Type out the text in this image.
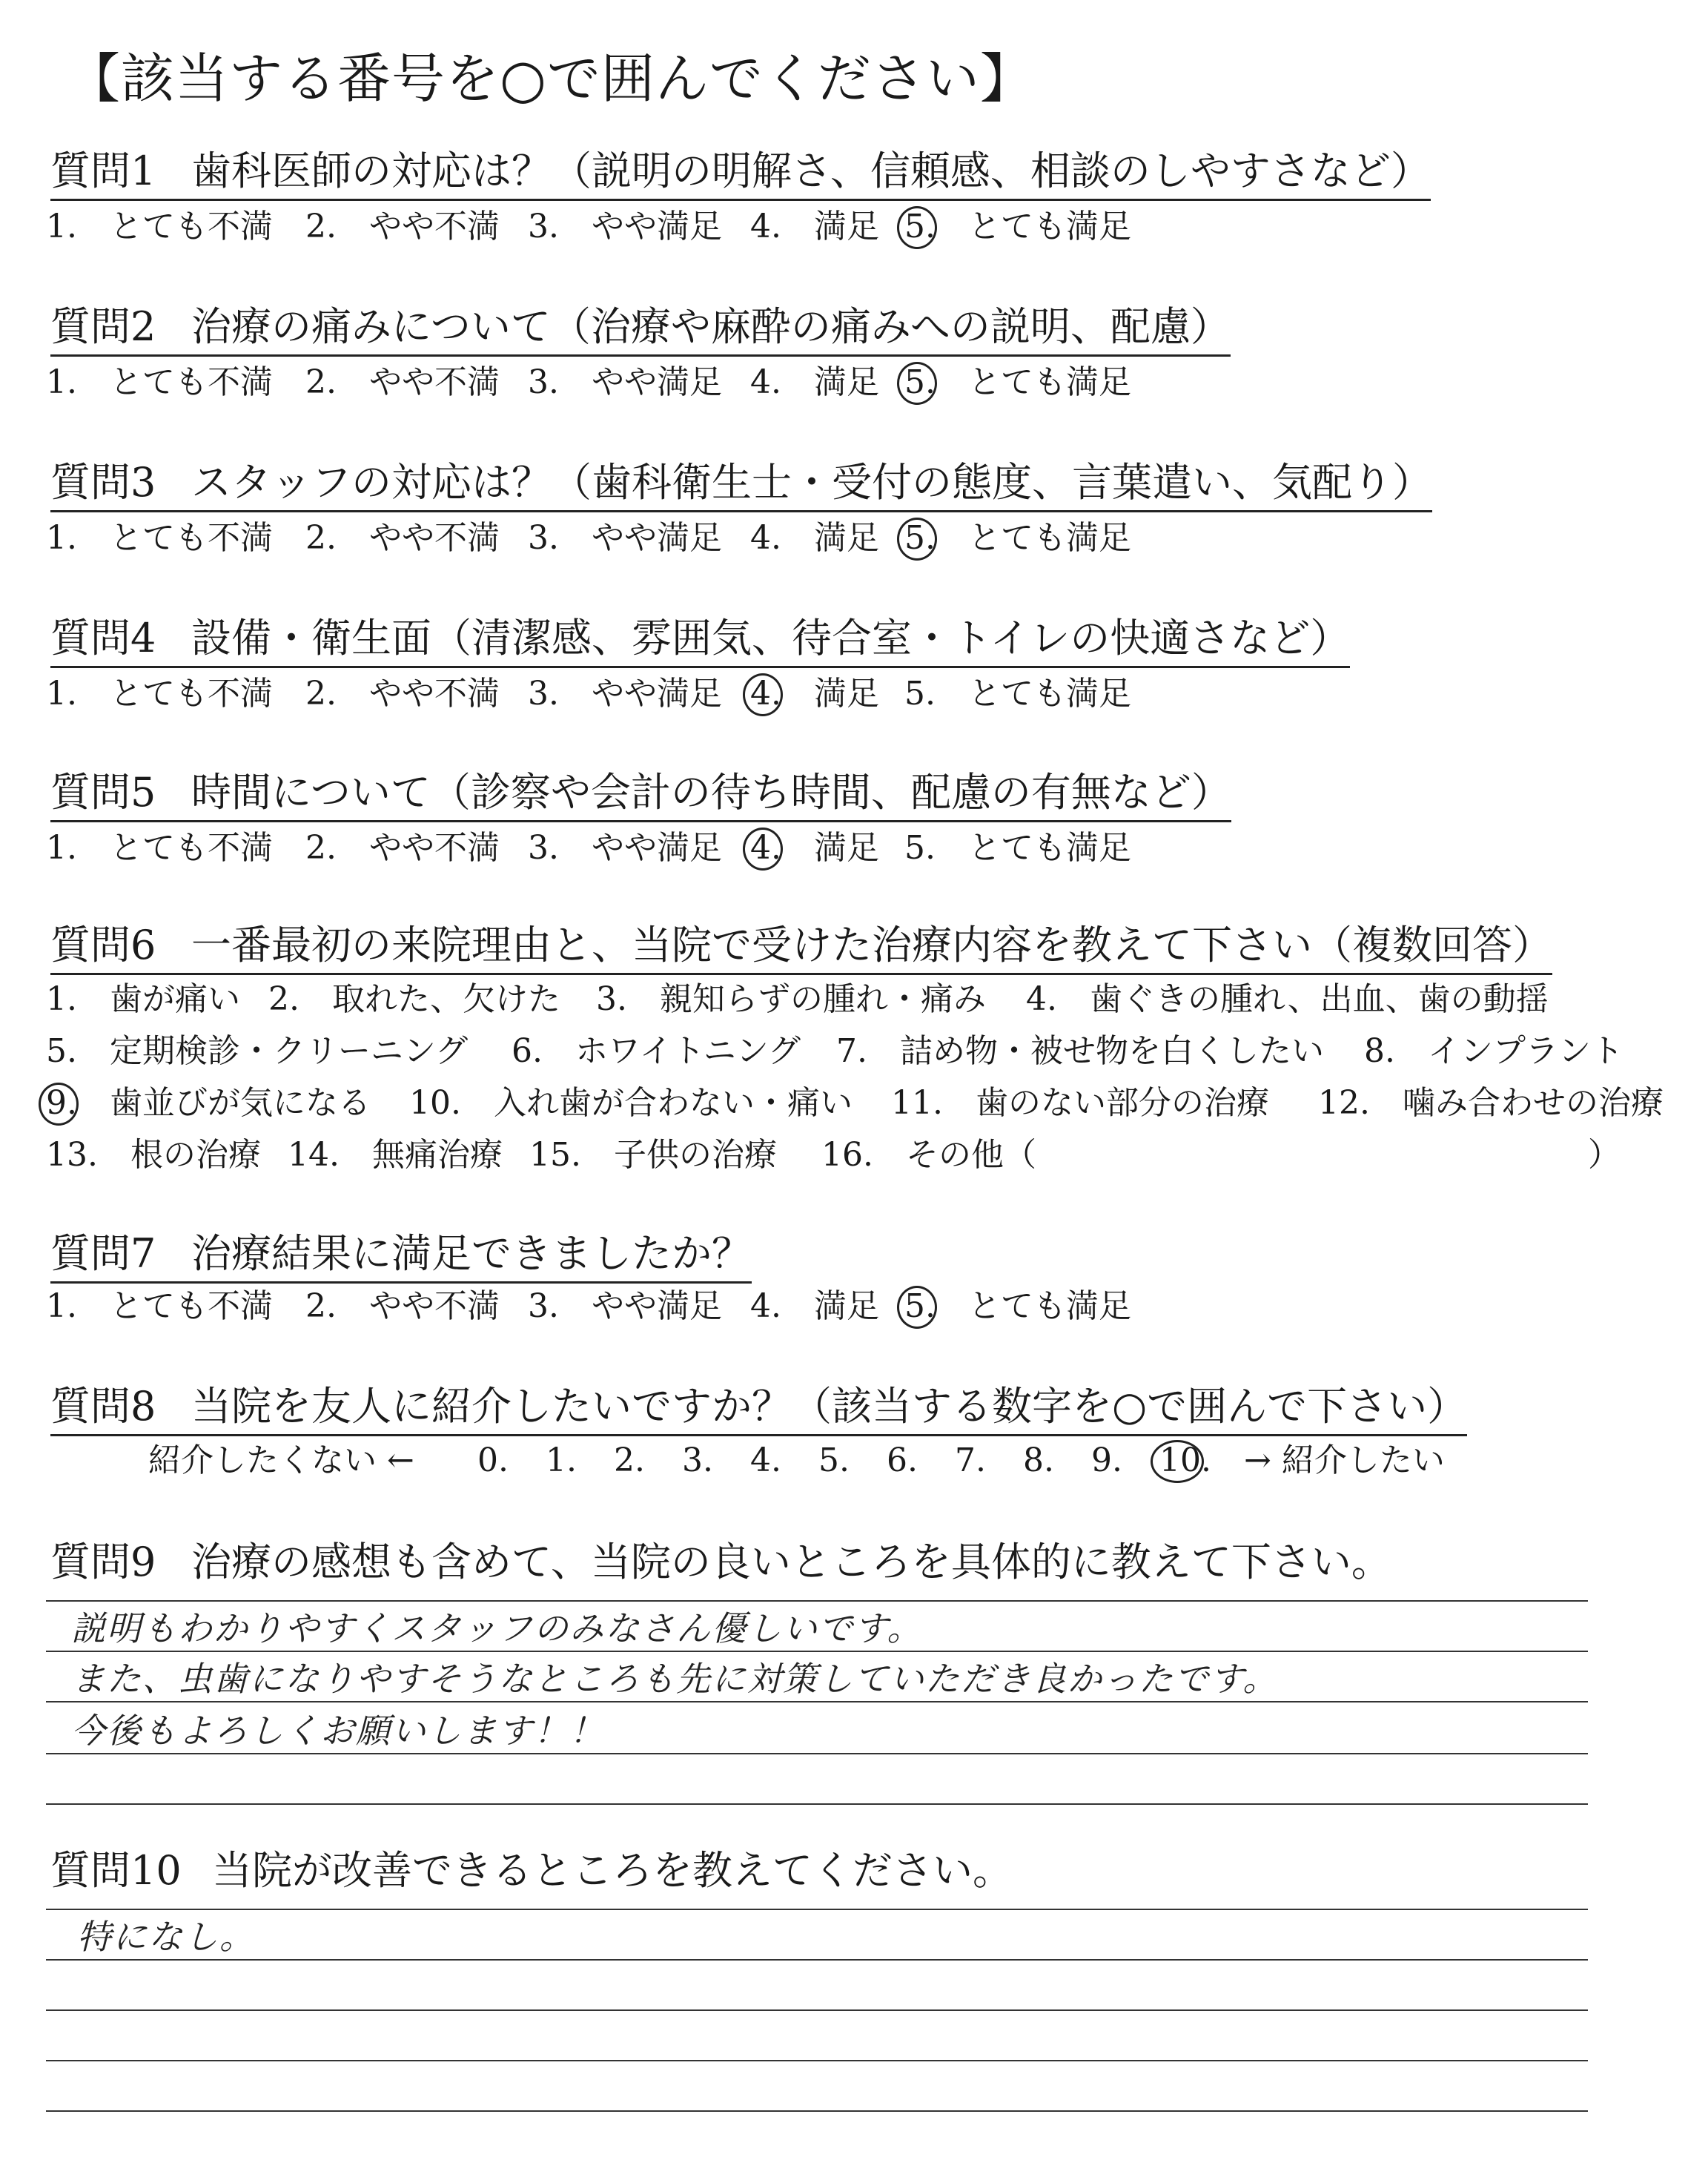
【該当する番号を○で囲んでください】
質問1 歯科医師の対応は？（説明の明解さ、信頼感、相談のしやすさなど）
1.　とても不満 2.　やや不満 3.　やや満足 4.　満足 5.　とても満足
質問2 治療の痛みについて（治療や麻酔の痛みへの説明、配慮）
1.　とても不満 2.　やや不満 3.　やや満足 4.　満足 5.　とても満足
質問3 スタッフの対応は？（歯科衛生士・受付の態度、言葉遣い、気配り）
1.　とても不満 2.　やや不満 3.　やや満足 4.　満足 5.　とても満足
質問4 設備・衛生面（清潔感、雰囲気、待合室・トイレの快適さなど）
1.　とても不満 2.　やや不満 3.　やや満足 4.　満足 5.　とても満足
質問5 時間について（診察や会計の待ち時間、配慮の有無など）
1.　とても不満 2.　やや不満 3.　やや満足 4.　満足 5.　とても満足
質問6 一番最初の来院理由と、当院で受けた治療内容を教えて下さい（複数回答）
1.　歯が痛い 2.　取れた、欠けた 3.　親知らずの腫れ・痛み 4.　歯ぐきの腫れ、出血、歯の動揺
5.　定期検診・クリーニング 6.　ホワイトニング 7.　詰め物・被せ物を白くしたい 8.　インプラント
9.　歯並びが気になる 10.　入れ歯が合わない・痛い 11.　歯のない部分の治療 12.　噛み合わせの治療
13.　根の治療 14.　無痛治療 15.　子供の治療 16.　その他（	）
質問7 治療結果に満足できましたか？
1.　とても不満 2.　やや不満 3.　やや満足 4.　満足 5.　とても満足
質問8 当院を友人に紹介したいですか？（該当する数字を○で囲んで下さい）
紹介したくない ← 0. 1. 2. 3. 4. 5. 6. 7. 8. 9. 10. → 紹介したい
質問9 治療の感想も含めて、当院の良いところを具体的に教えて下さい。
説明もわかりやすくスタッフのみなさん優しいです。
また、虫歯になりやすそうなところも先に対策していただき良かったです。
今後もよろしくお願いします！！
質問10 当院が改善できるところを教えてください。
特になし。
